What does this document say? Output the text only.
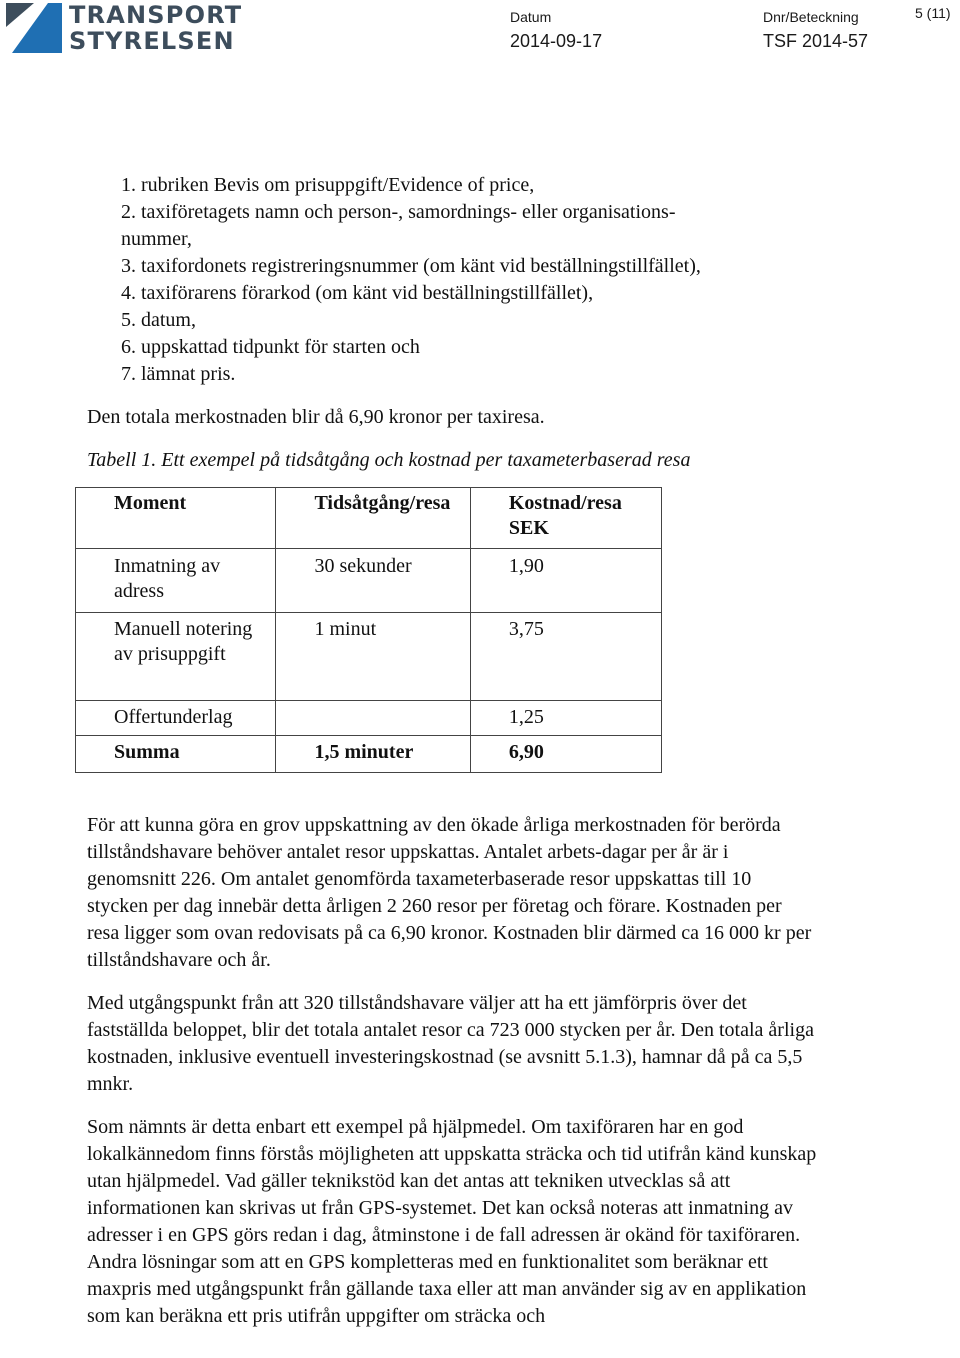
TRANSPORT
STYRELSEN
Datum
2014-09-17
Dnr/Beteckning
TSF 2014-57
5 (11)
1. rubriken Bevis om prisuppgift/Evidence of price,
2. taxiföretagets namn och person-, samordnings- eller organisations-
nummer,
3. taxifordonets registreringsnummer (om känt vid beställningstillfället),
4. taxiförarens förarkod (om känt vid beställningstillfället),
5. datum,
6. uppskattad tidpunkt för starten och
7. lämnat pris.

Den totala merkostnaden blir då 6,90 kronor per taxiresa.

Tabell 1. Ett exempel på tidsåtgång och kostnad per taxameterbaserad resa

Moment	Tidsåtgång/resa	Kostnad/resa SEK
Inmatning av adress	30 sekunder	1,90
Manuell notering av prisuppgift	1 minut	3,75
Offertunderlag		1,25
Summa	1,5 minuter	6,90

För att kunna göra en grov uppskattning av den ökade årliga merkostnaden för berörda tillståndshavare behöver antalet resor uppskattas. Antalet arbets-dagar per år är i genomsnitt 226. Om antalet genomförda taxameterbaserade resor uppskattas till 10 stycken per dag innebär detta årligen 2 260 resor per företag och förare. Kostnaden per resa ligger som ovan redovisats på ca 6,90 kronor. Kostnaden blir därmed ca 16 000 kr per tillståndshavare och år.

Med utgångspunkt från att 320 tillståndshavare väljer att ha ett jämförpris över det fastställda beloppet, blir det totala antalet resor ca 723 000 stycken per år. Den totala årliga kostnaden, inklusive eventuell investeringskostnad (se avsnitt 5.1.3), hamnar då på ca 5,5 mnkr.

Som nämnts är detta enbart ett exempel på hjälpmedel. Om taxiföraren har en god lokalkännedom finns förstås möjligheten att uppskatta sträcka och tid utifrån känd kunskap utan hjälpmedel. Vad gäller teknikstöd kan det antas att tekniken utvecklas så att informationen kan skrivas ut från GPS-systemet. Det kan också noteras att inmatning av adresser i en GPS görs redan i dag, åtminstone i de fall adressen är okänd för taxiföraren. Andra lösningar som att en GPS kompletteras med en funktionalitet som beräknar ett maxpris med utgångspunkt från gällande taxa eller att man använder sig av en applikation som kan beräkna ett pris utifrån uppgifter om sträcka och
